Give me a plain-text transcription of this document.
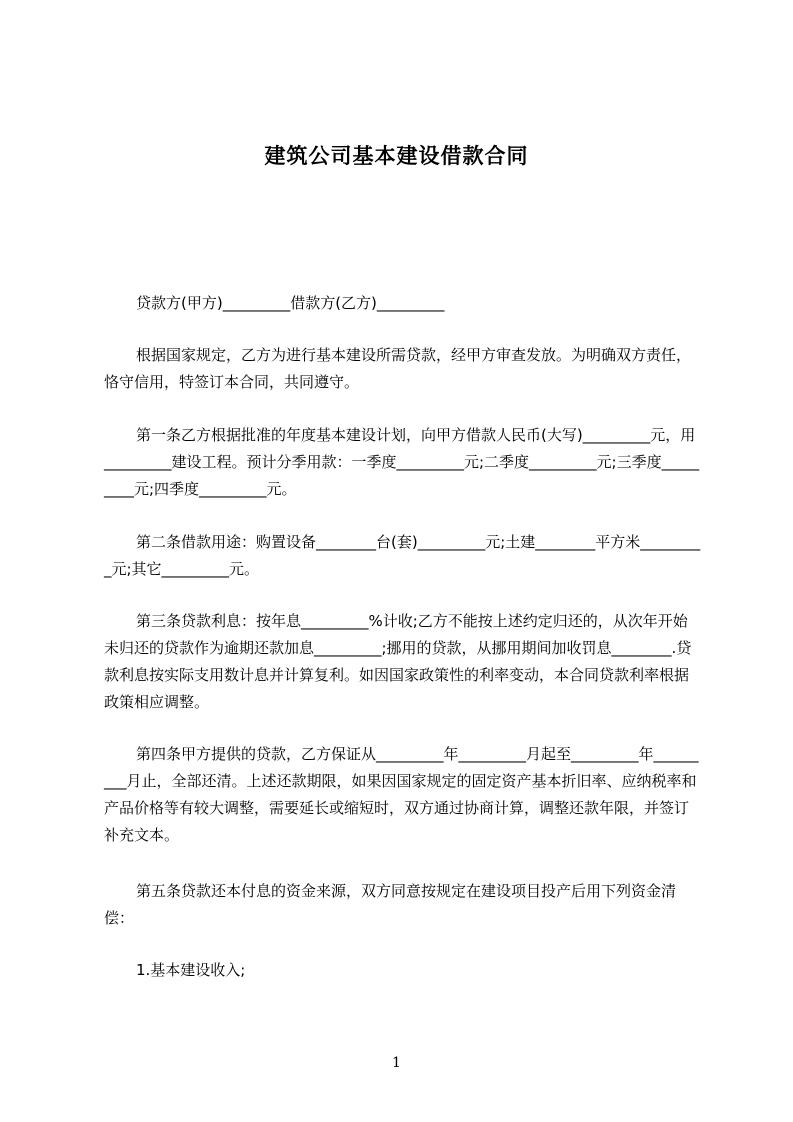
建筑公司基本建设借款合同

贷款方(甲方)_________借款方(乙方)_________

根据国家规定，乙方为进行基本建设所需贷款，经甲方审查发放。为明确双方责任，恪守信用，特签订本合同，共同遵守。

第一条乙方根据批准的年度基本建设计划，向甲方借款人民币(大写)_________元，用 _________建设工程。预计分季用款：一季度_________元;二季度_________元;三季度_________元;四季度_________元。

第二条借款用途：购置设备________台(套)_________元;土建________平方米_________元;其它_________元。

第三条贷款利息：按年息_________%计收;乙方不能按上述约定归还的，从次年开始未归还的贷款作为逾期还款加息_________;挪用的贷款，从挪用期间加收罚息________.贷款利息按实际支用数计息并计算复利。如因国家政策性的利率变动，本合同贷款利率根据政策相应调整。

第四条甲方提供的贷款，乙方保证从_________年_________月起至_________年_________月止，全部还清。上述还款期限，如果因国家规定的固定资产基本折旧率、应纳税率和产品价格等有较大调整，需要延长或缩短时，双方通过协商计算，调整还款年限，并签订补充文本。

第五条贷款还本付息的资金来源，双方同意按规定在建设项目投产后用下列资金清偿：

1.基本建设收入;

1
